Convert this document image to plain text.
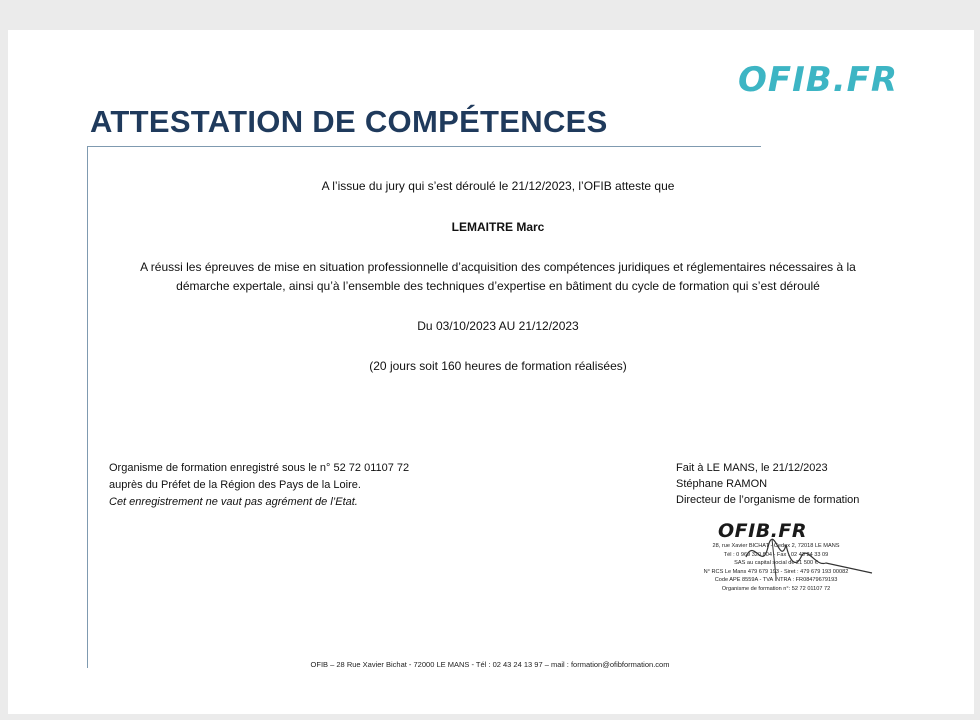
OFIB.FR
ATTESTATION DE COMPÉTENCES
A l’issue du jury qui s’est déroulé le 21/12/2023, l’OFIB atteste que
LEMAITRE Marc
A réussi les épreuves de mise en situation professionnelle d’acquisition des compétences juridiques et réglementaires nécessaires à la
démarche expertale, ainsi qu’à l’ensemble des techniques d’expertise en bâtiment du cycle de formation qui s’est déroulé
Du 03/10/2023 AU 21/12/2023
(20 jours soit 160 heures de formation réalisées)
Organisme de formation enregistré sous le n° 52 72 01107 72
auprès du Préfet de la Région des Pays de la Loire.
Cet enregistrement ne vaut pas agrément de l’Etat.
Fait à LE MANS, le 21/12/2023
Stéphane RAMON
Directeur de l’organisme de formation
OFIB.FR
28, rue Xavier BICHAT - Cedex 2, 72018 LE MANS
Tél : 0 969 320 804 - Fax : 02 43 24 33 09
SAS au capital social de 21 500 €
N° RCS Le Mans 479 679 193 - Siret : 479 679 193 00082
Code APE 8559A - TVA INTRA : FR08479679193
Organisme de formation n°: 52 72 01107 72
OFIB – 28 Rue Xavier Bichat - 72000 LE MANS - Tél : 02 43 24 13 97 – mail : formation@ofibformation.com
